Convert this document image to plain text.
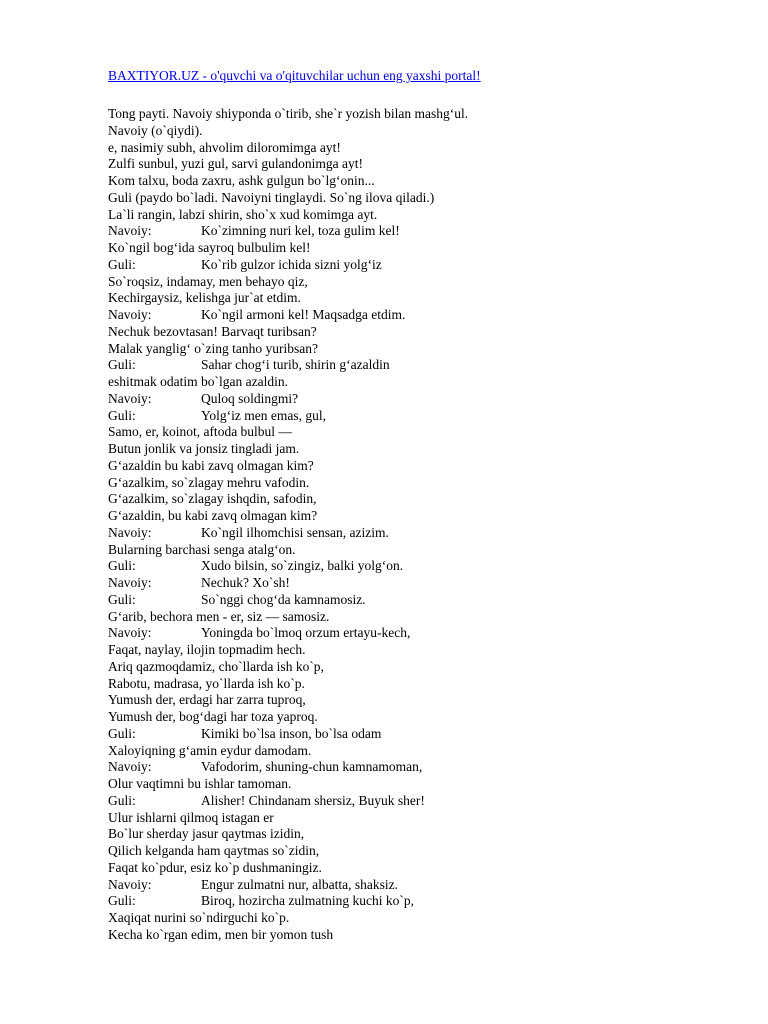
BAXTIYOR.UZ - o'quvchi va o'qituvchilar uchun eng yaxshi portal!
Tong payti. Navoiy shiyponda o`tirib, she`r yozish bilan mashg‘ul.
Navoiy (o`qiydi).
e, nasimiy subh, ahvolim diloromimga ayt!
Zulfi sunbul, yuzi gul, sarvi gulandonimga ayt!
Kom talxu, boda zaxru, ashk gulgun bo`lg‘onin...
Guli (paydo bo`ladi. Navoiyni tinglaydi. So`ng ilova qiladi.)
La`li rangin, labzi shirin, sho`x xud komimga ayt.
Navoiy:	Ko`zimning nuri kel, toza gulim kel!
Ko`ngil bog‘ida sayroq bulbulim kel!
Guli:	Ko`rib gulzor ichida sizni yolg‘iz
So`roqsiz, indamay, men behayo qiz,
Kechirgaysiz, kelishga jur`at etdim.
Navoiy:	Ko`ngil armoni kel! Maqsadga etdim.
Nechuk bezovtasan! Barvaqt turibsan?
Malak yanglig‘ o`zing tanho yuribsan?
Guli:	Sahar chog‘i turib, shirin g‘azaldin
eshitmak odatim bo`lgan azaldin.
Navoiy:	Quloq soldingmi?
Guli:	Yolg‘iz men emas, gul,
Samo, er, koinot, aftoda bulbul —
Butun jonlik va jonsiz tingladi jam.
G‘azaldin bu kabi zavq olmagan kim?
G‘azalkim, so`zlagay mehru vafodin.
G‘azalkim, so`zlagay ishqdin, safodin,
G‘azaldin, bu kabi zavq olmagan kim?
Navoiy:	Ko`ngil ilhomchisi sensan, azizim.
Bularning barchasi senga atalg‘on.
Guli:	Xudo bilsin, so`zingiz, balki yolg‘on.
Navoiy:	Nechuk? Xo`sh!
Guli:	So`nggi chog‘da kamnamosiz.
G‘arib, bechora men - er, siz — samosiz.
Navoiy:	Yoningda bo`lmoq orzum ertayu-kech,
Faqat, naylay, ilojin topmadim hech.
Ariq qazmoqdamiz, cho`llarda ish ko`p,
Rabotu, madrasa, yo`llarda ish ko`p.
Yumush der, erdagi har zarra tuproq,
Yumush der, bog‘dagi har toza yaproq.
Guli:	Kimiki bo`lsa inson, bo`lsa odam
Xaloyiqning g‘amin eydur damodam.
Navoiy:	Vafodorim, shuning-chun kamnamoman,
Olur vaqtimni bu ishlar tamoman.
Guli:	Alisher! Chindanam shersiz, Buyuk sher!
Ulur ishlarni qilmoq istagan er
Bo`lur sherday jasur qaytmas izidin,
Qilich kelganda ham qaytmas so`zidin,
Faqat ko`pdur, esiz ko`p dushmaningiz.
Navoiy:	Engur zulmatni nur, albatta, shaksiz.
Guli:	Biroq, hozircha zulmatning kuchi ko`p,
Xaqiqat nurini so`ndirguchi ko`p.
Kecha ko`rgan edim, men bir yomon tush
